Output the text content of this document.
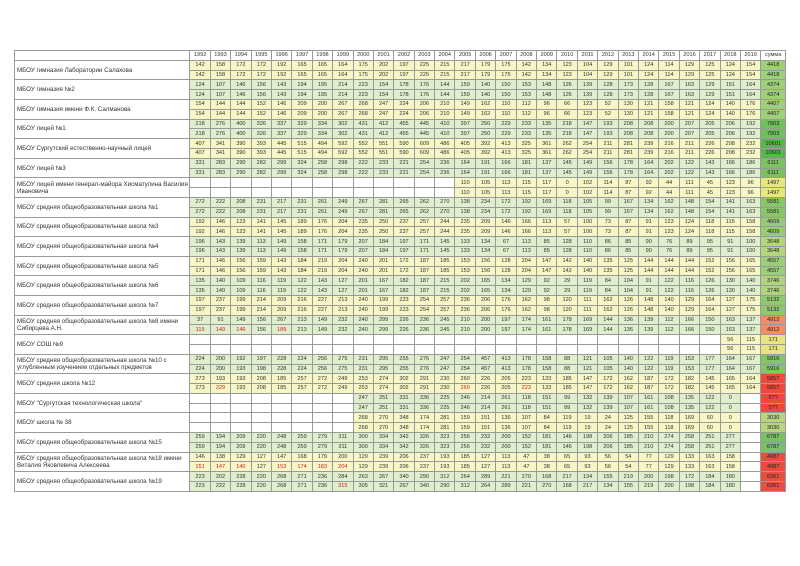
	1992	1993	1994	1995	1996	1997	1998	1999	2000	2001	2002	2003	2004	2005	2006	2007	2008	2009	2010	2011	2012	2013	2014	2015	2016	2017	2018	2019	сумма
МБОУ гимназия Лаборатории Салахова	142	158	172	172	192	165	165	164	175	202	197	225	215	217	179	175	142	134	123	104	129	101	124	114	129	125	124	154	4418
	142	158	172	172	192	165	165	164	175	202	197	225	215	217	179	175	142	134	123	104	129	101	124	114	129	125	124	154	4418
МБОУ гимназия №2	124	107	146	156	143	194	195	214	223	154	178	176	144	159	140	150	153	148	126	139	128	173	128	167	163	129	151	164	4374
	124	107	146	156	143	194	195	214	223	154	178	176	144	159	140	150	153	148	126	139	128	173	128	167	163	129	151	164	4374
МБОУ гимназия имени Ф.К. Салманова	154	144	144	152	146	209	200	267	268	247	224	206	210	149	162	110	112	96	66	123	52	130	121	158	121	124	140	176	4407
	154	144	144	152	146	209	200	267	268	247	224	206	210	149	162	110	112	96	66	123	52	130	121	158	121	124	140	176	4407
МБОУ лицей №1	218	276	400	326	337	329	334	302	431	412	455	445	410	397	250	229	233	135	218	147	193	208	208	200	207	205	206	192	7903
	218	276	400	326	337	329	334	302	431	412	455	445	410	397	250	229	233	135	218	147	193	208	208	200	207	205	206	192	7903
МБОУ Сургутский естественно-научный лицей	407	341	390	393	445	515	494	592	552	551	590	609	486	405	392	413	325	361	262	254	211	281	239	216	211	226	208	232	10601
	407	341	390	393	445	515	494	592	552	551	590	609	486	405	392	413	325	361	262	254	211	281	239	216	211	226	208	232	10601
МБОУ лицей №3	331	283	290	282	299	324	258	298	222	233	221	254	236	164	191	166	181	137	145	149	156	178	164	202	122	143	166	186	6111
	331	283	290	282	299	324	258	298	222	233	221	254	236	164	191	166	181	137	145	149	156	178	164	202	122	143	166	186	6111
МБОУ лицей имени генерал-майора Хисматулина Василия Ивановича														110	105	113	115	117	0	102	114	87	92	44	111	45	123	96	1497
														110	105	113	115	117	0	102	114	87	92	44	111	45	123	96	1497
МБОУ средняя общеобразовательная школа №1	272	222	208	231	217	231	261	249	267	281	265	262	270	138	234	172	192	169	118	105	99	167	134	162	148	154	141	163	5581
	272	222	208	231	217	231	261	249	267	281	265	262	270	138	234	172	192	169	118	105	99	167	134	162	148	154	141	163	5581
МБОУ средняя общеобразовательная школа №3	192	146	123	141	145	189	176	204	235	250	237	257	244	235	209	146	166	113	57	100	73	87	91	123	124	118	115	158	4609
	192	146	123	141	145	189	176	204	235	250	237	257	244	235	209	146	166	113	57	100	73	87	91	123	124	118	115	158	4609
МБОУ средняя общеобразовательная школа №4	196	143	139	113	149	158	171	179	207	184	197	171	145	133	134	67	113	85	128	110	86	85	90	76	89	95	91	100	3648
	196	143	139	113	149	158	171	179	207	184	197	171	145	133	134	67	113	85	128	110	86	85	90	76	89	95	91	100	3648
МБОУ средняя общеобразовательная школа №5	171	146	156	159	143	184	219	204	240	201	172	187	185	153	156	128	204	147	142	140	135	125	144	144	144	152	156	165	4557
	171	146	156	159	143	184	219	204	240	201	172	187	185	153	156	128	204	147	142	140	135	125	144	144	144	152	156	165	4557
МБОУ средняя общеобразовательная школа №6	135	140	109	116	119	122	143	127	201	167	182	187	215	202	165	134	129	92	29	119	84	104	91	122	116	126	130	140	3746
	135	140	109	116	119	122	143	127	201	167	182	187	215	202	165	134	129	92	29	119	84	104	91	122	116	126	130	140	3746
МБОУ средняя общеобразовательная школа №7	197	237	199	214	209	216	227	213	240	199	223	254	257	236	206	176	162	98	120	111	162	126	148	140	129	164	127	175	5132
	197	237	199	214	209	216	227	213	240	199	223	254	257	236	206	176	162	98	120	111	162	126	148	140	129	164	127	175	5132
МБОУ средняя общеобразовательная школа №8 имени Сибирцева А.Н.	37	91	149	156	267	213	149	232	240	299	226	236	245	210	200	197	174	161	178	169	144	136	139	112	166	150	163	137	4912
	115	149	146	156	189	213	149	232	240	299	226	236	245	210	200	197	174	161	178	169	144	136	139	112	166	150	163	137	4912
МБОУ СОШ №9																											56	115	171
																											56	115	171
МБОУ средняя общеобразовательная школа №10 с углубленным изучением отдельных предметов	224	200	192	197	228	224	256	275	231	295	255	276	247	254	457	413	178	158	88	121	105	140	122	119	153	177	164	167	5916
	224	200	193	198	228	224	256	275	231	295	255	276	247	254	457	413	178	158	88	121	105	140	122	119	153	177	164	167	5916
МБОУ средняя школа №12	273	193	193	208	185	257	272	249	253	274	302	291	230	260	226	205	223	133	185	147	172	162	187	172	182	145	165	164	5857
	273	229	193	208	185	257	272	249	253	274	302	291	230	260	226	205	223	133	185	147	172	162	187	172	182	145	165	164	5857
МБОУ "Сургутская технологическая школа"									247	251	331	336	225	246	214	261	118	151	99	132	139	107	161	108	135	122	0		5??
									247	251	331	336	225	246	214	261	118	151	99	132	139	107	161	108	135	122	0		5??
МБОУ школа № 38									268	270	348	174	281	159	151	136	107	84	119	19	24	125	155	118	169	60	0		3030
									268	270	348	174	281	159	151	136	107	84	119	19	24	125	155	118	169	60	0		3030
МБОУ средняя общеобразовательная школа №15	259	194	209	220	248	259	279	311	300	334	342	326	323	256	232	200	152	181	146	198	206	185	210	274	258	251	277		6787
	259	194	209	220	248	259	279	311	300	334	342	326	323	256	232	200	152	181	146	198	206	185	210	274	258	251	277		6787
МБОУ средняя общеобразовательная школа №18 имени Виталия Яковлевича Алексеева	146	138	129	127	147	168	179	200	129	239	206	237	193	185	127	113	47	38	65	93	56	54	77	129	133	163	158		4087
	151	147	140	127	153	174	183	204	129	239	206	237	193	185	127	113	47	38	65	93	56	54	77	129	133	163	158		4087
МБОУ средняя общеобразовательная школа №19	223	202	228	220	268	271	236	284	263	267	340	290	312	264	289	221	270	168	217	134	155	219	200	198	172	184	180		6361
	223	222	228	220	268	271	236	315	305	321	267	340	290	312	264	289	221	270	168	217	134	155	219	200	198	184	180		6361
